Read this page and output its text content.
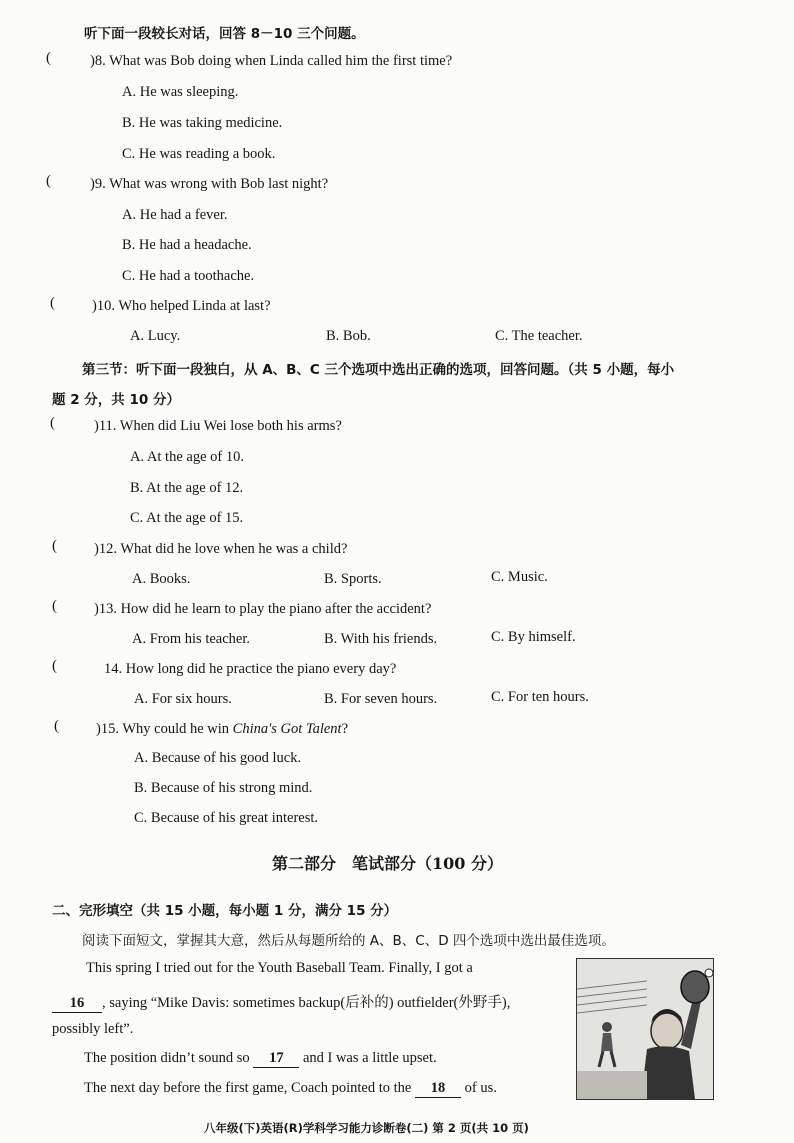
听下面一段较长对话，回答 8－10 三个问题。
(	)8. What was Bob doing when Linda called him the first time?
A. He was sleeping.
B. He was taking medicine.
C. He was reading a book.
(	)9. What was wrong with Bob last night?
A. He had a fever.
B. He had a headache.
C. He had a toothache.
(	)10. Who helped Linda at last?
A. Lucy.	B. Bob.	C. The teacher.
第三节：听下面一段独白，从 A、B、C 三个选项中选出正确的选项，回答问题。（共 5 小题，每小
题 2 分，共 10 分）
(	)11. When did Liu Wei lose both his arms?
A. At the age of 10.
B. At the age of 12.
C. At the age of 15.
(	)12. What did he love when he was a child?
A. Books.	B. Sports.	C. Music.
(	)13. How did he learn to play the piano after the accident?
A. From his teacher.	B. With his friends.	C. By himself.
(	14. How long did he practice the piano every day?
A. For six hours.	B. For seven hours.	C. For ten hours.
(	)15. Why could he win China's Got Talent?
A. Because of his good luck.
B. Because of his strong mind.
C. Because of his great interest.
第二部分　笔试部分（100 分）
二、完形填空（共 15 小题，每小题 1 分，满分 15 分）
阅读下面短文，掌握其大意，然后从每题所给的 A、B、C、D 四个选项中选出最佳选项。
This spring I tried out for the Youth Baseball Team. Finally, I got a
16 , saying “Mike Davis: sometimes backup(后补的) outfielder(外野手),
possibly left”.
The position didn’t sound so 17 and I was a little upset.
The next day before the first game, Coach pointed to the 18 of us.
八年级(下)英语(R)学科学习能力诊断卷(二) 第 2 页(共 10 页)
